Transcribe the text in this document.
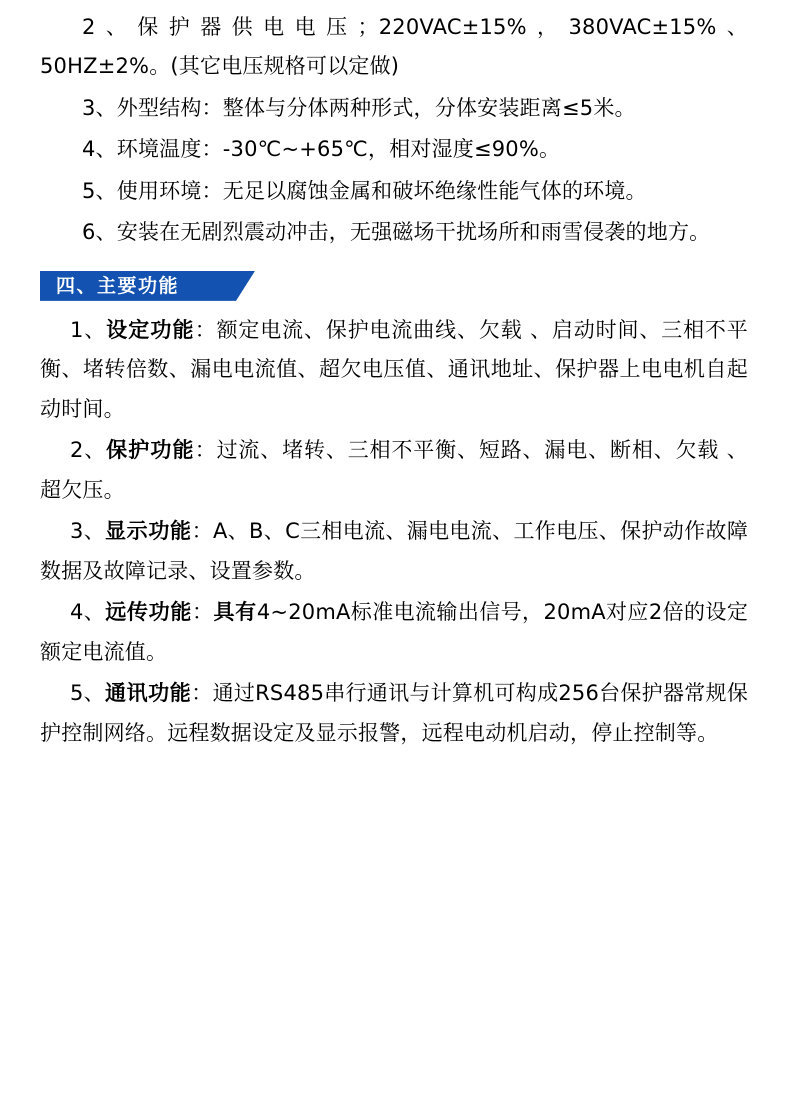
2、保护器供电电压；220VAC±15%，380VAC±15%、50HZ±2%。(其它电压规格可以定做)

3、外型结构：整体与分体两种形式，分体安装距离≤5米。

4、环境温度：-30℃~+65℃，相对湿度≤90%。

5、使用环境：无足以腐蚀金属和破坏绝缘性能气体的环境。

6、安装在无剧烈震动冲击，无强磁场干扰场所和雨雪侵袭的地方。

四、主要功能

1、设定功能：额定电流、保护电流曲线、欠载 、启动时间、三相不平衡、堵转倍数、漏电电流值、超欠电压值、通讯地址、保护器上电电机自起动时间。

2、保护功能：过流、堵转、三相不平衡、短路、漏电、断相、欠载 、超欠压。

3、显示功能：A、B、C三相电流、漏电电流、工作电压、保护动作故障数据及故障记录、设置参数。

4、远传功能：具有4~20mA标准电流输出信号，20mA对应2倍的设定 额定电流值。

5、通讯功能：通过RS485串行通讯与计算机可构成256台保护器常规保护控制网络。远程数据设定及显示报警，远程电动机启动，停止控制等。
